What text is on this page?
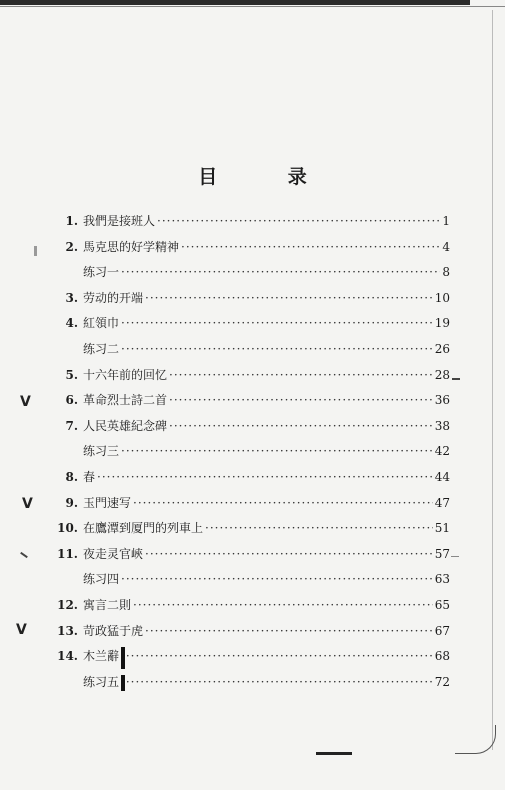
目 录
1. 我們是接班人 ·····	1
2. 馬克思的好学精神 ·····	4
练习一 ·····	8
3. 劳动的开端 ·····	10
4. 紅領巾 ·····	19
练习二 ·····	26
5. 十六年前的回忆 ·····	28
6. 革命烈士詩二首 ·····	36
7. 人民英雄紀念碑 ·····	38
练习三 ·····	42
8. 春 ·····	44
9. 玉門速写 ·····	47
10. 在鷹潭到厦門的列車上 ·····	51
11. 夜走灵官峽 ·····	57
练习四 ·····	63
12. 寓言二則 ·····	65
13. 苛政猛于虎 ·····	67
14. 木兰辭 ·····	68
练习五 ·····	72
V
V
V
